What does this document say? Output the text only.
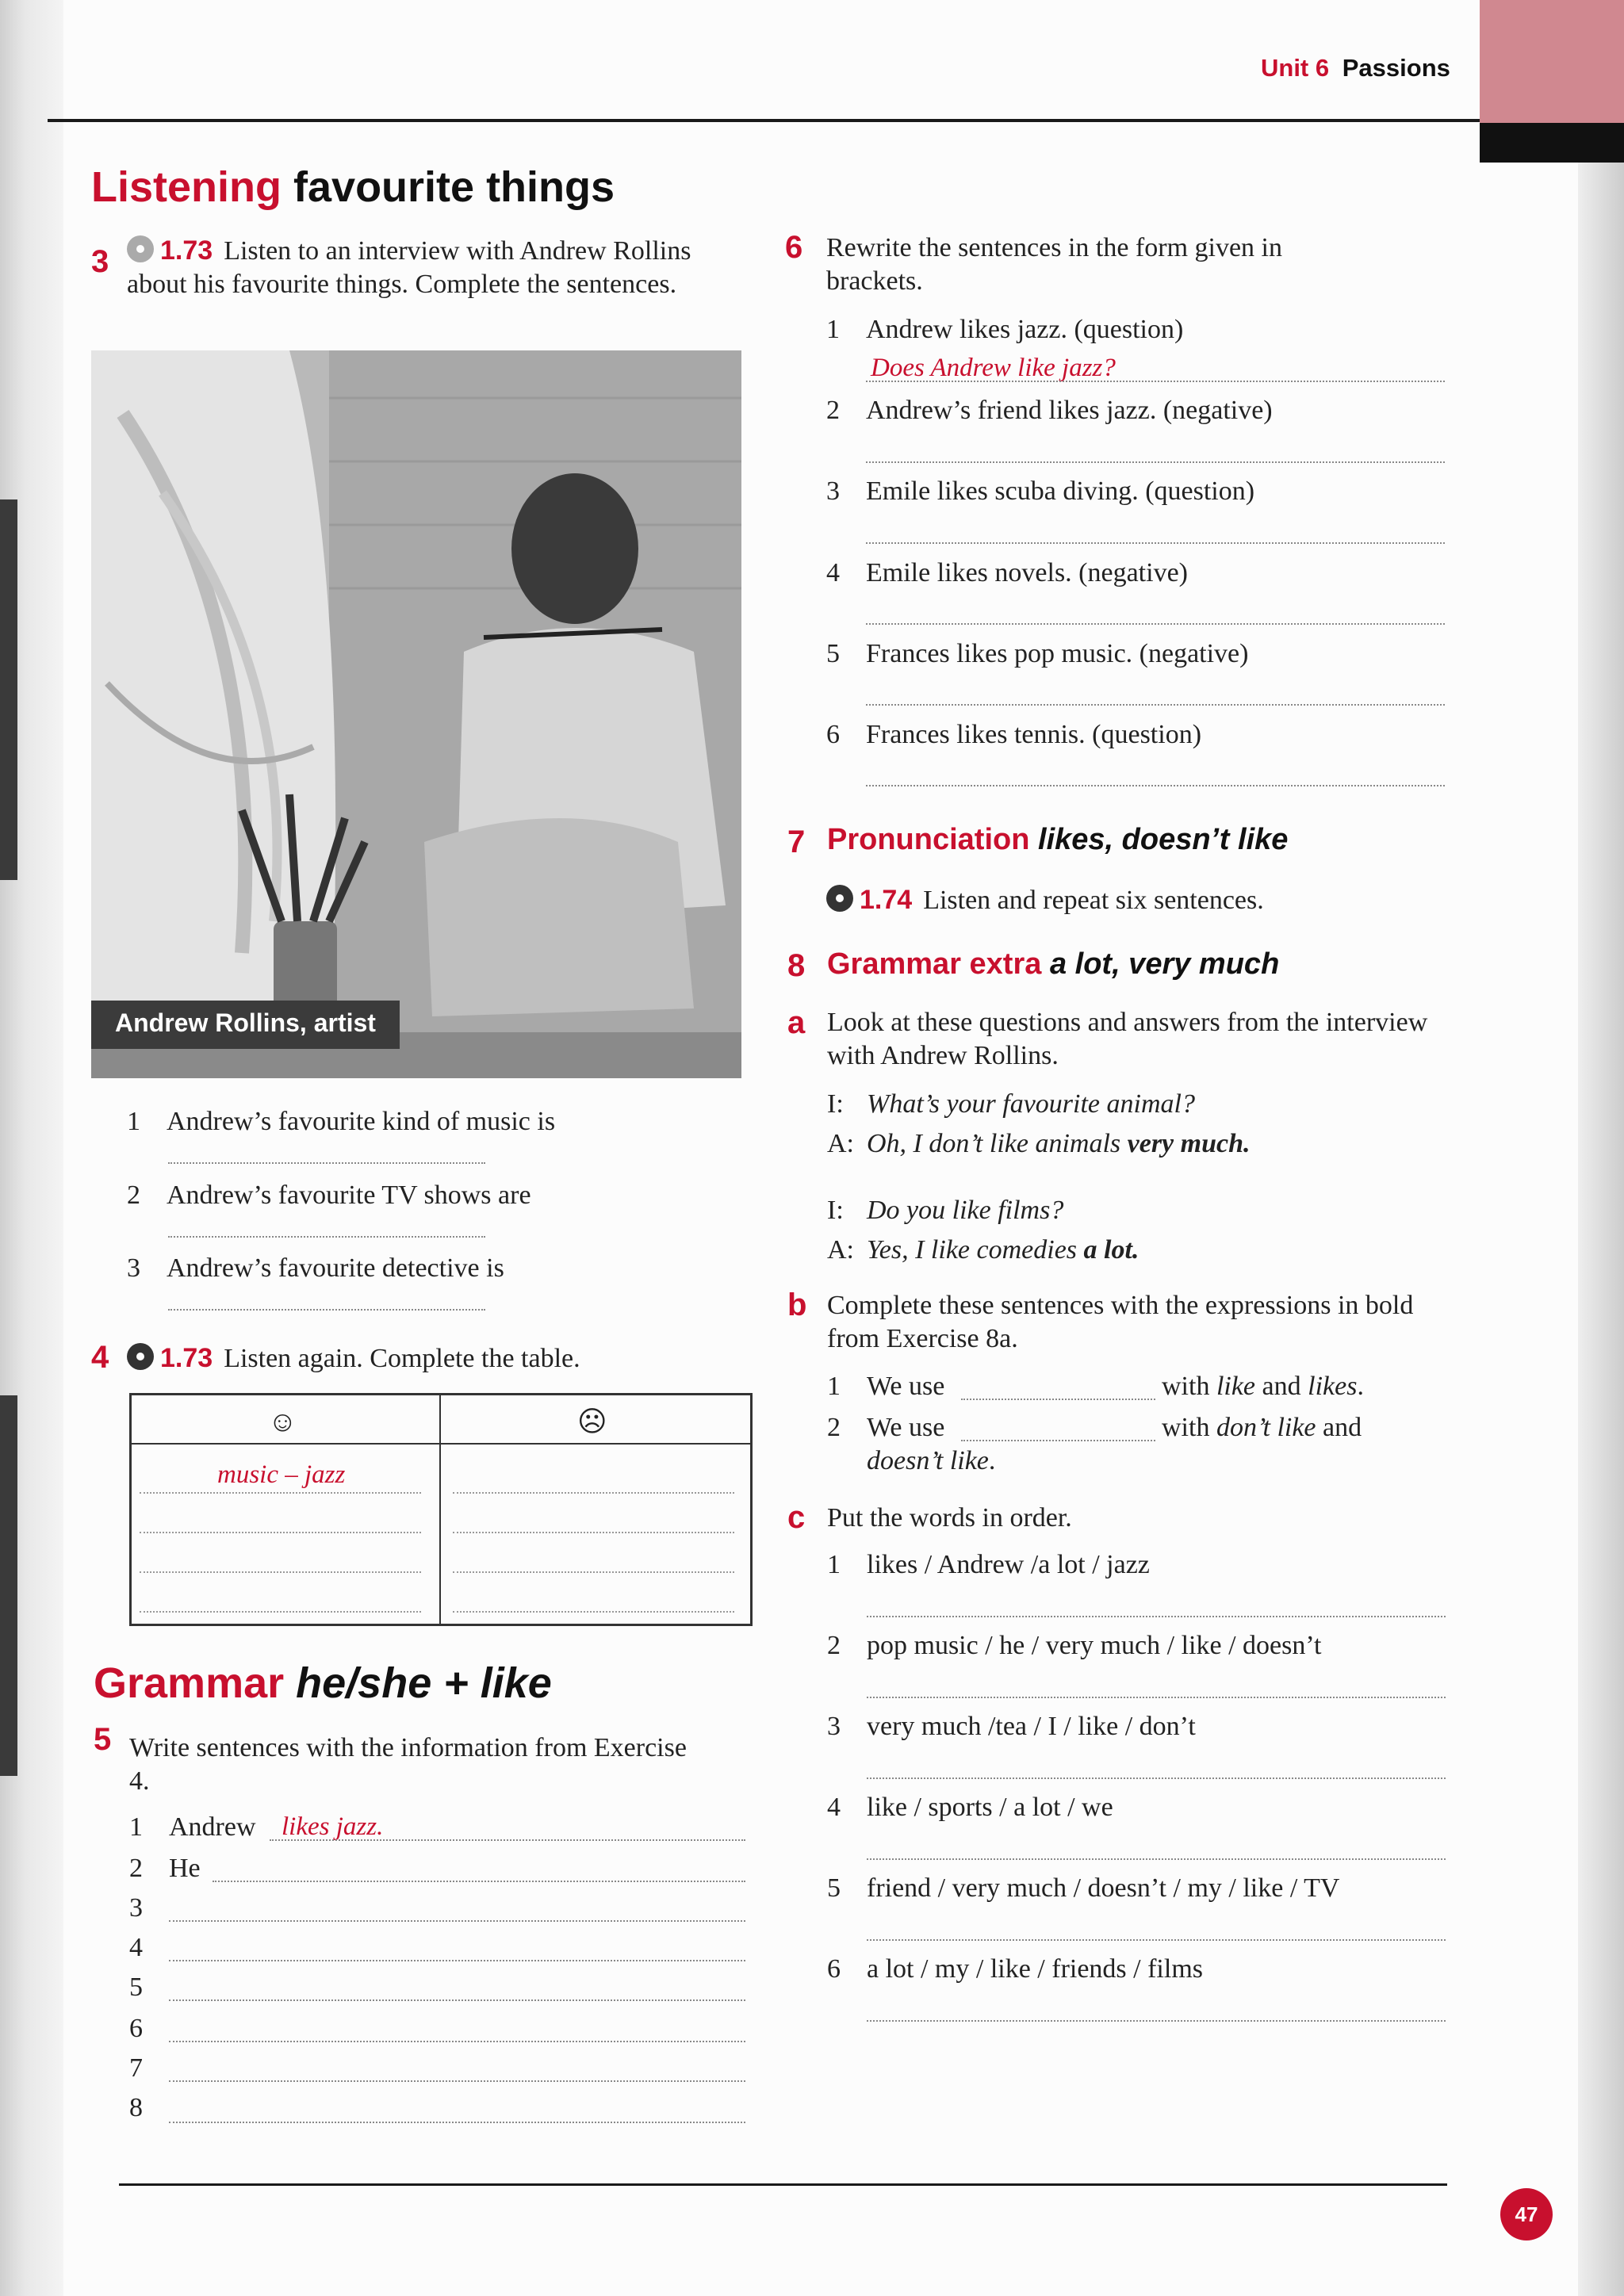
Unit 6 Passions
Listening favourite things
3	1.73 Listen to an interview with Andrew Rollins about his favourite things. Complete the sentences.
Andrew Rollins, artist
1 Andrew’s favourite kind of music is
2 Andrew’s favourite TV shows are
3 Andrew’s favourite detective is
4	1.73 Listen again. Complete the table.
☺	☹
music – jazz
Grammar he/she + like
5 Write sentences with the information from Exercise 4.
1 Andrew likes jazz.
2 He
3
4
5
6
7
8
6 Rewrite the sentences in the form given in brackets.
1 Andrew likes jazz. (question)
Does Andrew like jazz?
2 Andrew’s friend likes jazz. (negative)
3 Emile likes scuba diving. (question)
4 Emile likes novels. (negative)
5 Frances likes pop music. (negative)
6 Frances likes tennis. (question)
7 Pronunciation likes, doesn’t like
1.74 Listen and repeat six sentences.
8 Grammar extra a lot, very much
a Look at these questions and answers from the interview with Andrew Rollins.
I: What’s your favourite animal?
A: Oh, I don’t like animals very much.
I: Do you like films?
A: Yes, I like comedies a lot.
b Complete these sentences with the expressions in bold from Exercise 8a.
1 We use	with like and likes.
2 We use	with don’t like and
doesn’t like.
c Put the words in order.
1 likes / Andrew /a lot / jazz
2 pop music / he / very much / like / doesn’t
3 very much /tea / I / like / don’t
4 like / sports / a lot / we
5 friend / very much / doesn’t / my / like / TV
6 a lot / my / like / friends / films
47
